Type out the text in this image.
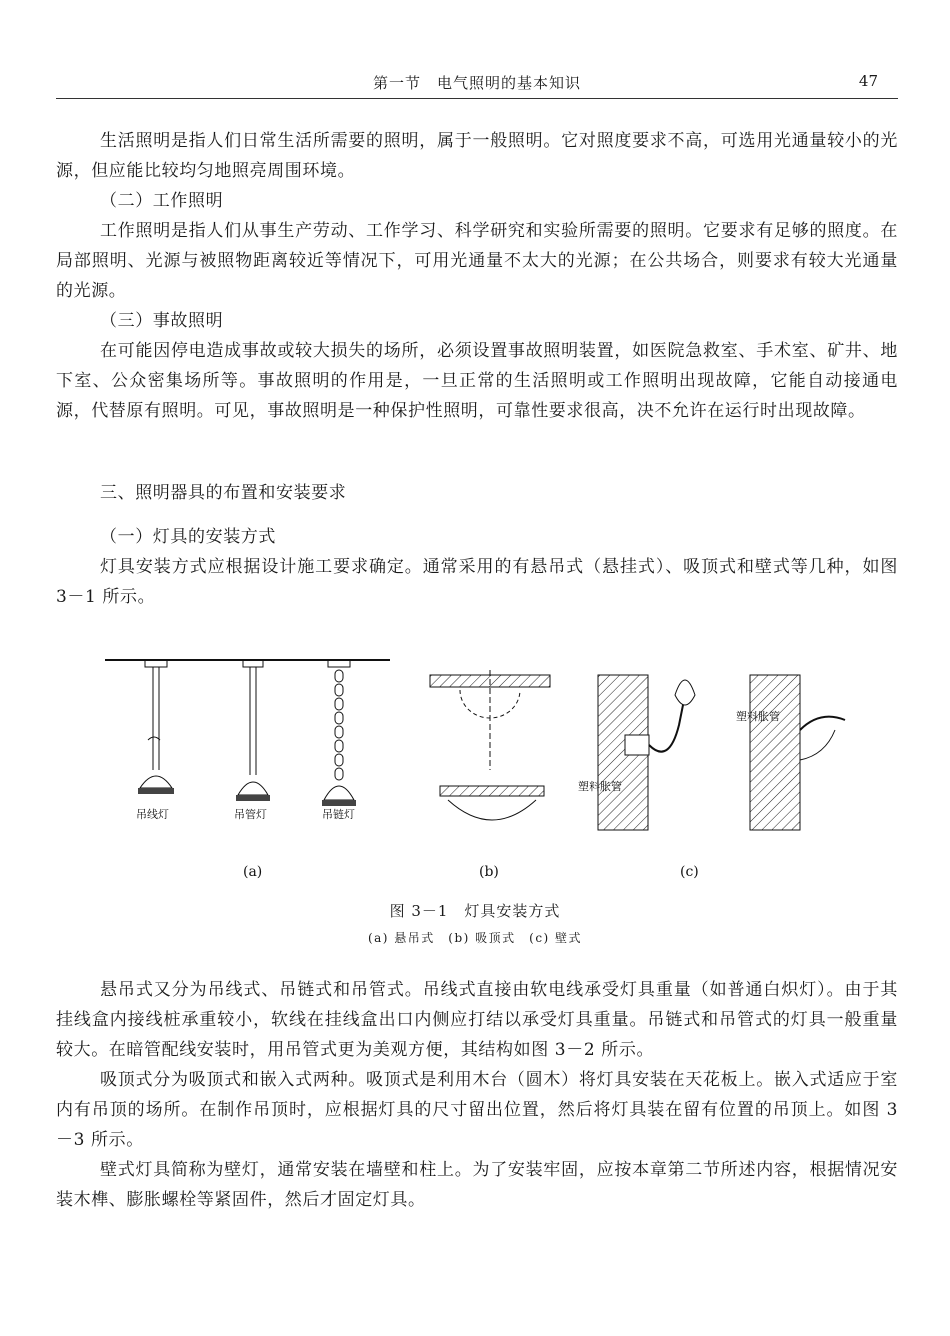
第一节　电气照明的基本知识	47

生活照明是指人们日常生活所需要的照明，属于一般照明。它对照度要求不高，可选用光通量较小的光源，但应能比较均匀地照亮周围环境。

（二）工作照明

工作照明是指人们从事生产劳动、工作学习、科学研究和实验所需要的照明。它要求有足够的照度。在局部照明、光源与被照物距离较近等情况下，可用光通量不太大的光源；在公共场合，则要求有较大光通量的光源。

（三）事故照明

在可能因停电造成事故或较大损失的场所，必须设置事故照明装置，如医院急救室、手术室、矿井、地下室、公众密集场所等。事故照明的作用是，一旦正常的生活照明或工作照明出现故障，它能自动接通电源，代替原有照明。可见，事故照明是一种保护性照明，可靠性要求很高，决不允许在运行时出现故障。

三、照明器具的布置和安装要求

（一）灯具的安装方式

灯具安装方式应根据设计施工要求确定。通常采用的有悬吊式（悬挂式）、吸顶式和壁式等几种，如图 3－1 所示。

吊线灯	吊管灯	吊链灯
塑料胀管
塑料胀管
(a)	(b)	(c)
图 3－1　灯具安装方式
(a) 悬吊式　(b) 吸顶式　(c) 壁式

悬吊式又分为吊线式、吊链式和吊管式。吊线式直接由软电线承受灯具重量（如普通白炽灯）。由于其挂线盒内接线桩承重较小，软线在挂线盒出口内侧应打结以承受灯具重量。吊链式和吊管式的灯具一般重量较大。在暗管配线安装时，用吊管式更为美观方便，其结构如图 3－2 所示。

吸顶式分为吸顶式和嵌入式两种。吸顶式是利用木台（圆木）将灯具安装在天花板上。嵌入式适应于室内有吊顶的场所。在制作吊顶时，应根据灯具的尺寸留出位置，然后将灯具装在留有位置的吊顶上。如图 3－3 所示。

壁式灯具简称为壁灯，通常安装在墙壁和柱上。为了安装牢固，应按本章第二节所述内容，根据情况安装木榫、膨胀螺栓等紧固件，然后才固定灯具。
